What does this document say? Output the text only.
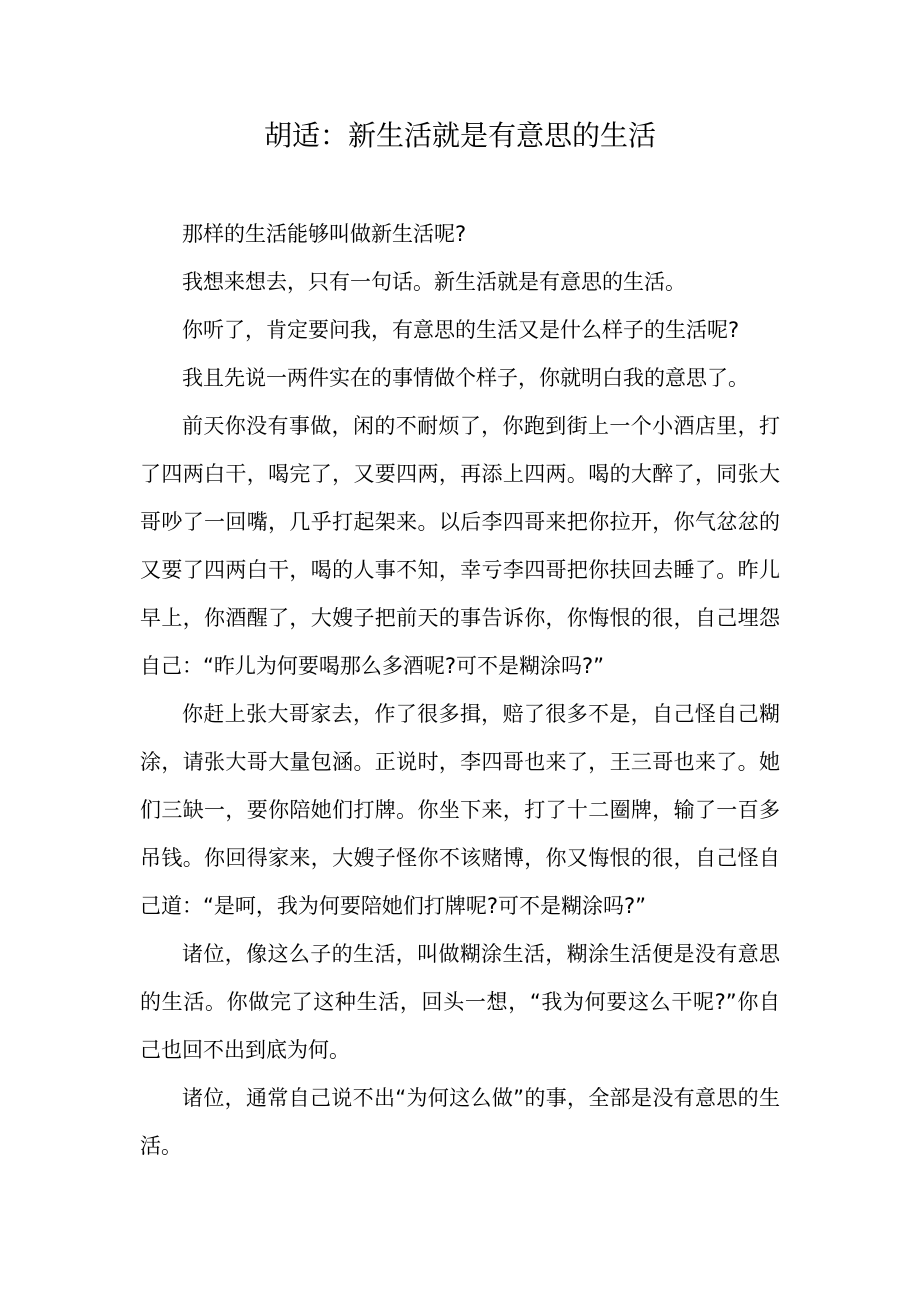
胡适：新生活就是有意思的生活

那样的生活能够叫做新生活呢?

我想来想去，只有一句话。新生活就是有意思的生活。

你听了，肯定要问我，有意思的生活又是什么样子的生活呢?

我且先说一两件实在的事情做个样子，你就明白我的意思了。

前天你没有事做，闲的不耐烦了，你跑到街上一个小酒店里，打了四两白干，喝完了，又要四两，再添上四两。喝的大醉了，同张大哥吵了一回嘴，几乎打起架来。以后李四哥来把你拉开，你气忿忿的又要了四两白干，喝的人事不知，幸亏李四哥把你扶回去睡了。昨儿早上，你酒醒了，大嫂子把前天的事告诉你，你悔恨的很，自己埋怨自己：“昨儿为何要喝那么多酒呢?可不是糊涂吗?”

你赶上张大哥家去，作了很多揖，赔了很多不是，自己怪自己糊涂，请张大哥大量包涵。正说时，李四哥也来了，王三哥也来了。她们三缺一，要你陪她们打牌。你坐下来，打了十二圈牌，输了一百多吊钱。你回得家来，大嫂子怪你不该赌博，你又悔恨的很，自己怪自己道：“是呵，我为何要陪她们打牌呢?可不是糊涂吗?”

诸位，像这么子的生活，叫做糊涂生活，糊涂生活便是没有意思的生活。你做完了这种生活，回头一想，“我为何要这么干呢?”你自己也回不出到底为何。

诸位，通常自己说不出“为何这么做”的事，全部是没有意思的生活。
